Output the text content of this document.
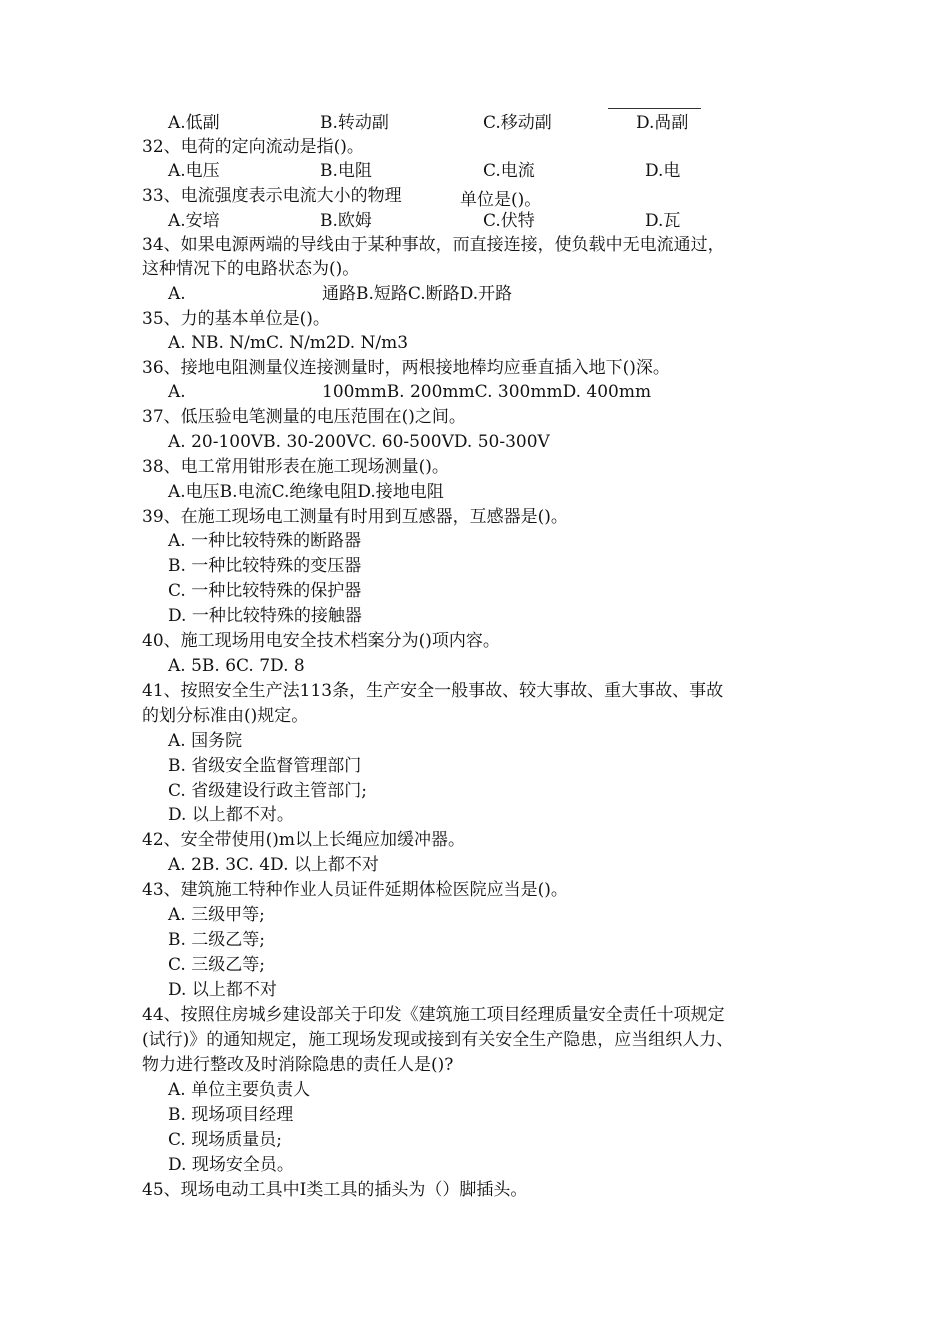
A.低副	B.转动副	C.移动副	D.咼副
32、电荷的定向流动是指()。
A.电压	B.电阻	C.电流	D.电
33、电流强度表示电流大小的物理	单位是()。
A.安培	B.欧姆	C.伏特	D.瓦
34、如果电源两端的导线由于某种事故，而直接连接，使负载中无电流通过，
这种情况下的电路状态为()。
A.	通路B.短路C.断路D.开路
35、力的基本单位是()。
A. NB. N/mC. N/m2D. N/m3
36、接地电阻测量仪连接测量时，两根接地棒均应垂直插入地下()深。
A.	100mmB. 200mmC. 300mmD. 400mm
37、低压验电笔测量的电压范围在()之间。
A. 20-100VB. 30-200VC. 60-500VD. 50-300V
38、电工常用钳形表在施工现场测量()。
A.电压B.电流C.绝缘电阻D.接地电阻
39、在施工现场电工测量有时用到互感器，互感器是()。
A. 一种比较特殊的断路器
B. 一种比较特殊的变压器
C. 一种比较特殊的保护器
D. 一种比较特殊的接触器
40、施工现场用电安全技术档案分为()项内容。
A. 5B. 6C. 7D. 8
41、按照安全生产法113条，生产安全一般事故、较大事故、重大事故、事故
的划分标准由()规定。
A. 国务院
B. 省级安全监督管理部门
C. 省级建设行政主管部门;
D. 以上都不对。
42、安全带使用()m以上长绳应加缓冲器。
A. 2B. 3C. 4D. 以上都不对
43、建筑施工特种作业人员证件延期体检医院应当是()。
A. 三级甲等;
B. 二级乙等;
C. 三级乙等;
D. 以上都不对
44、按照住房城乡建设部关于印发《建筑施工项目经理质量安全责任十项规定
(试行)》的通知规定，施工现场发现或接到有关安全生产隐患，应当组织人力、
物力进行整改及时消除隐患的责任人是()?
A. 单位主要负责人
B. 现场项目经理
C. 现场质量员;
D. 现场安全员。
45、现场电动工具中I类工具的插头为（）脚插头。
